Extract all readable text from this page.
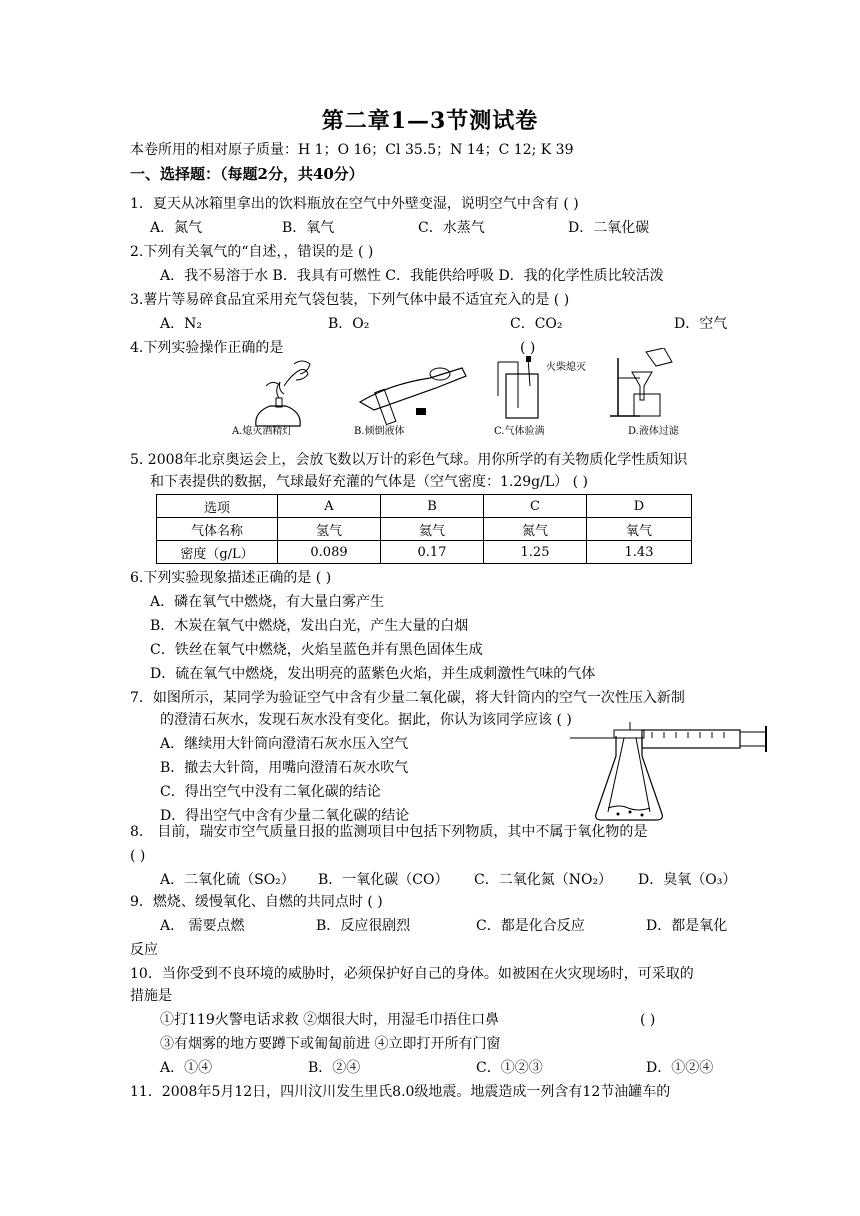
第二章1—3节测试卷
本卷所用的相对原子质量：H 1；O 16；Cl 35.5；N 14；C 12; K 39
一、选择题：（每题2分，共40分）
1．夏天从冰箱里拿出的饮料瓶放在空气中外壁变湿，说明空气中含有 ( )
A．氮气	B．氧气	C．水蒸气	D．二氧化碳
2.下列有关氧气的“自述，，错误的是 ( )
A．我不易溶于水 B．我具有可燃性 C．我能供给呼吸 D．我的化学性质比较活泼
3.薯片等易碎食品宜采用充气袋包装，下列气体中最不适宜充入的是 ( )
A．N₂	B．O₂	C．CO₂	D．空气
4.下列实验操作正确的是	( )
A.熄灭酒精灯	B.倾倒液体
火柴熄灭
C.气体验满	D.液体过滤
5. 2008年北京奥运会上，会放飞数以万计的彩色气球。用你所学的有关物质化学性质知识
和下表提供的数据，气球最好充灌的气体是（空气密度：1.29g/L） ( )
选项	A	B	C	D
气体名称	氢气	氦气	氮气	氧气
密度（g/L）	0.089	0.17	1.25	1.43
6.下列实验现象描述正确的是 ( )
A．磷在氧气中燃烧，有大量白雾产生
B．木炭在氧气中燃烧，发出白光，产生大量的白烟
C．铁丝在氧气中燃烧，火焰呈蓝色并有黑色固体生成
D．硫在氧气中燃烧，发出明亮的蓝紫色火焰，并生成刺激性气味的气体
7．如图所示，某同学为验证空气中含有少量二氧化碳，将大针筒内的空气一次性压入新制
的澄清石灰水，发现石灰水没有变化。据此，你认为该同学应该 ( )
A．继续用大针筒向澄清石灰水压入空气
B．撤去大针筒，用嘴向澄清石灰水吹气
C．得出空气中没有二氧化碳的结论
D．得出空气中含有少量二氧化碳的结论
8． 目前，瑞安市空气质量日报的监测项目中包括下列物质，其中不属于氧化物的是
( )
A．二氧化硫（SO₂） B．一氧化碳（CO） C．二氧化氮（NO₂） D．臭氧（O₃）
9．燃烧、缓慢氧化、自燃的共同点时 ( )
A． 需要点燃	B．反应很剧烈	C．都是化合反应	D．都是氧化
反应
10．当你受到不良环境的威胁时，必须保护好自己的身体。如被困在火灾现场时，可采取的
措施是
①打119火警电话求救 ②烟很大时，用湿毛巾捂住口鼻	( )
③有烟雾的地方要蹲下或匍匐前进 ④立即打开所有门窗
A．①④	B．②④	C．①②③	D．①②④
11．2008年5月12日，四川汶川发生里氏8.0级地震。地震造成一列含有12节油罐车的
